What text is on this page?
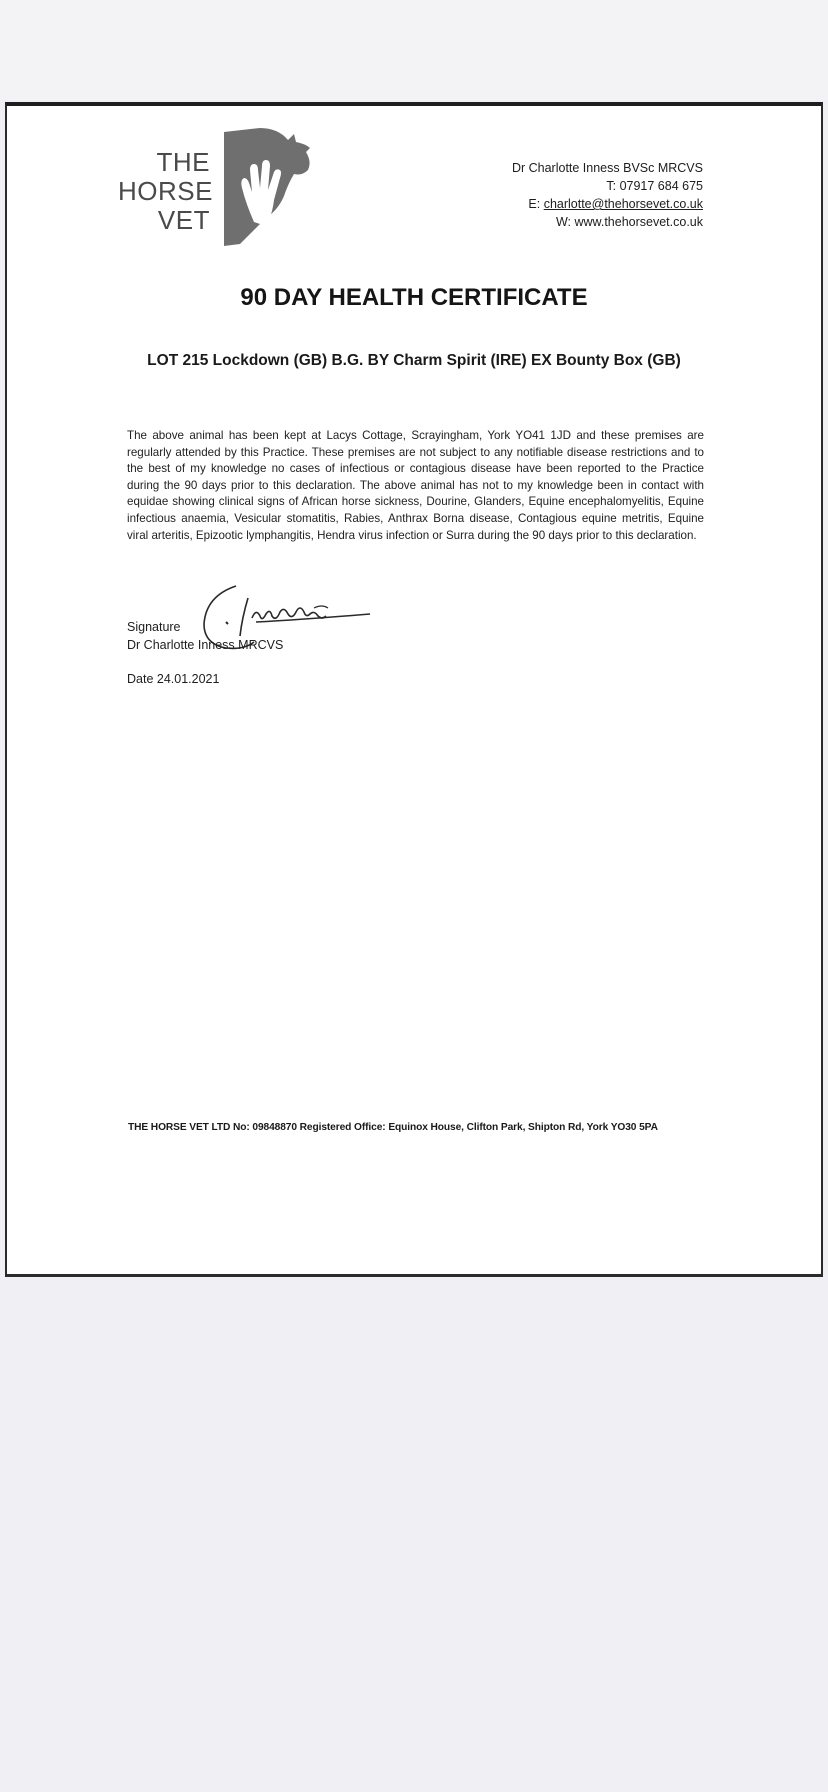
THE
HORSE
VET
Dr Charlotte Inness BVSc MRCVS
T: 07917 684 675
E: charlotte@thehorsevet.co.uk
W: www.thehorsevet.co.uk
90 DAY HEALTH CERTIFICATE
LOT 215 Lockdown (GB) B.G. BY Charm Spirit (IRE) EX Bounty Box (GB)
The above animal has been kept at Lacys Cottage, Scrayingham, York YO41 1JD and these premises are regularly attended by this Practice. These premises are not subject to any notifiable disease restrictions and to the best of my knowledge no cases of infectious or contagious disease have been reported to the Practice during the 90 days prior to this declaration. The above animal has not to my knowledge been in contact with equidae showing clinical signs of African horse sickness, Dourine, Glanders, Equine encephalomyelitis, Equine infectious anaemia, Vesicular stomatitis, Rabies, Anthrax Borna disease, Contagious equine metritis, Equine viral arteritis, Epizootic lymphangitis, Hendra virus infection or Surra during the 90 days prior to this declaration.
Signature
Dr Charlotte Inness MRCVS
Date 24.01.2021
THE HORSE VET LTD No: 09848870 Registered Office: Equinox House, Clifton Park, Shipton Rd, York YO30 5PA
